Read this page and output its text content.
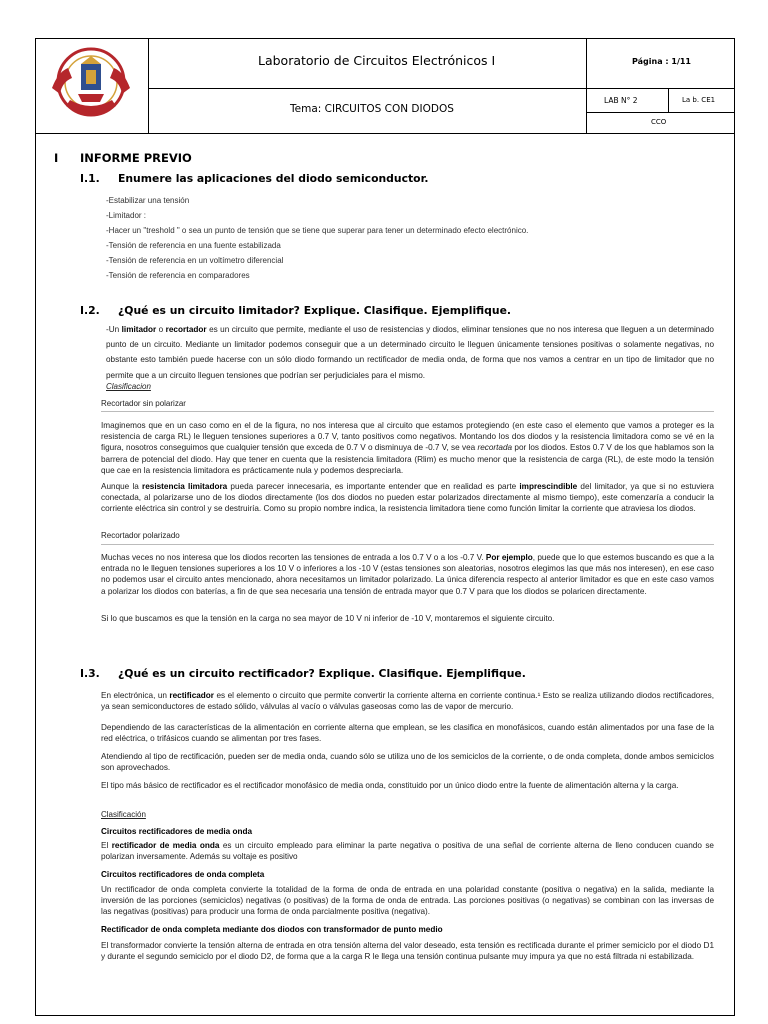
1828
Laboratorio de Circuitos Electrónicos I	Página : 1/11
Tema: CIRCUITOS CON DIODOS
LAB N° 2	La b. CE1
CCO
I INFORME PREVIO
I.1. Enumere las aplicaciones del diodo semiconductor.
-Estabilizar una tensión
-Limitador :
-Hacer un "treshold " o sea un punto de tensión que se tiene que superar para tener un determinado efecto electrónico.
-Tensión de referencia en una fuente estabilizada
-Tensión de referencia en un voltímetro diferencial
-Tensión de referencia en comparadores
I.2. ¿Qué es un circuito limitador? Explique. Clasifique. Ejemplifique.
-Un limitador o recortador es un circuito que permite, mediante el uso de resistencias y diodos, eliminar tensiones que no nos interesa que lleguen a un determinado punto de un circuito. Mediante un limitador podemos conseguir que a un determinado circuito le lleguen únicamente tensiones positivas o solamente negativas, no obstante esto también puede hacerse con un sólo diodo formando un rectificador de media onda, de forma que nos vamos a centrar en un tipo de limitador que no permite que a un circuito lleguen tensiones que podrían ser perjudiciales para el mismo.
Clasificacion
Recortador sin polarizar
Imaginemos que en un caso como en el de la figura, no nos interesa que al circuito que estamos protegiendo (en este caso el elemento que vamos a proteger es la resistencia de carga RL) le lleguen tensiones superiores a 0.7 V, tanto positivos como negativos. Montando los dos diodos y la resistencia limitadora como se vé en la figura, nosotros conseguimos que cualquier tensión que exceda de 0.7 V o disminuya de -0.7 V, se vea recortada por los diodos. Estos 0.7 V de los que hablamos son la barrera de potencial del diodo. Hay que tener en cuenta que la resistencia limitadora (Rlim) es mucho menor que la resistencia de carga (RL), de este modo la tensión que cae en la resistencia limitadora es prácticamente nula y podemos despreciarla.
Aunque la resistencia limitadora pueda parecer innecesaria, es importante entender que en realidad es parte imprescindible del limitador, ya que si no estuviera conectada, al polarizarse uno de los diodos directamente (los dos diodos no pueden estar polarizados directamente al mismo tiempo), este comenzaría a conducir la corriente eléctrica sin control y se destruiría. Como su propio nombre indica, la resistencia limitadora tiene como función limitar la corriente que atraviesa los diodos.
Recortador polarizado
Muchas veces no nos interesa que los diodos recorten las tensiones de entrada a los 0.7 V o a los -0.7 V. Por ejemplo, puede que lo que estemos buscando es que a la entrada no le lleguen tensiones superiores a los 10 V o inferiores a los -10 V (estas tensiones son aleatorias, nosotros elegimos las que más nos interesen), en ese caso no podemos usar el circuito antes mencionado, ahora necesitamos un limitador polarizado. La única diferencia respecto al anterior limitador es que en este caso vamos a polarizar los diodos con baterías, a fin de que sea necesaria una tensión de entrada mayor que 0.7 V para que los diodos se polaricen directamente.
Si lo que buscamos es que la tensión en la carga no sea mayor de 10 V ni inferior de -10 V, montaremos el siguiente circuito.
I.3. ¿Qué es un circuito rectificador? Explique. Clasifique. Ejemplifique.
En electrónica, un rectificador es el elemento o circuito que permite convertir la corriente alterna en corriente continua.¹ Esto se realiza utilizando diodos rectificadores, ya sean semiconductores de estado sólido, válvulas al vacío o válvulas gaseosas como las de vapor de mercurio.
Dependiendo de las características de la alimentación en corriente alterna que emplean, se les clasifica en monofásicos, cuando están alimentados por una fase de la red eléctrica, o trifásicos cuando se alimentan por tres fases.
Atendiendo al tipo de rectificación, pueden ser de media onda, cuando sólo se utiliza uno de los semiciclos de la corriente, o de onda completa, donde ambos semiciclos son aprovechados.
El tipo más básico de rectificador es el rectificador monofásico de media onda, constituido por un único diodo entre la fuente de alimentación alterna y la carga.
Clasificación
Circuitos rectificadores de media onda
El rectificador de media onda es un circuito empleado para eliminar la parte negativa o positiva de una señal de corriente alterna de lleno conducen cuando se polarizan inversamente. Además su voltaje es positivo
Circuitos rectificadores de onda completa
Un rectificador de onda completa convierte la totalidad de la forma de onda de entrada en una polaridad constante (positiva o negativa) en la salida, mediante la inversión de las porciones (semiciclos) negativas (o positivas) de la forma de onda de entrada. Las porciones positivas (o negativas) se combinan con las inversas de las negativas (positivas) para producir una forma de onda parcialmente positiva (negativa).
Rectificador de onda completa mediante dos diodos con transformador de punto medio
El transformador convierte la tensión alterna de entrada en otra tensión alterna del valor deseado, esta tensión es rectificada durante el primer semiciclo por el diodo D1 y durante el segundo semiciclo por el diodo D2, de forma que a la carga R le llega una tensión continua pulsante muy impura ya que no está filtrada ni estabilizada.
